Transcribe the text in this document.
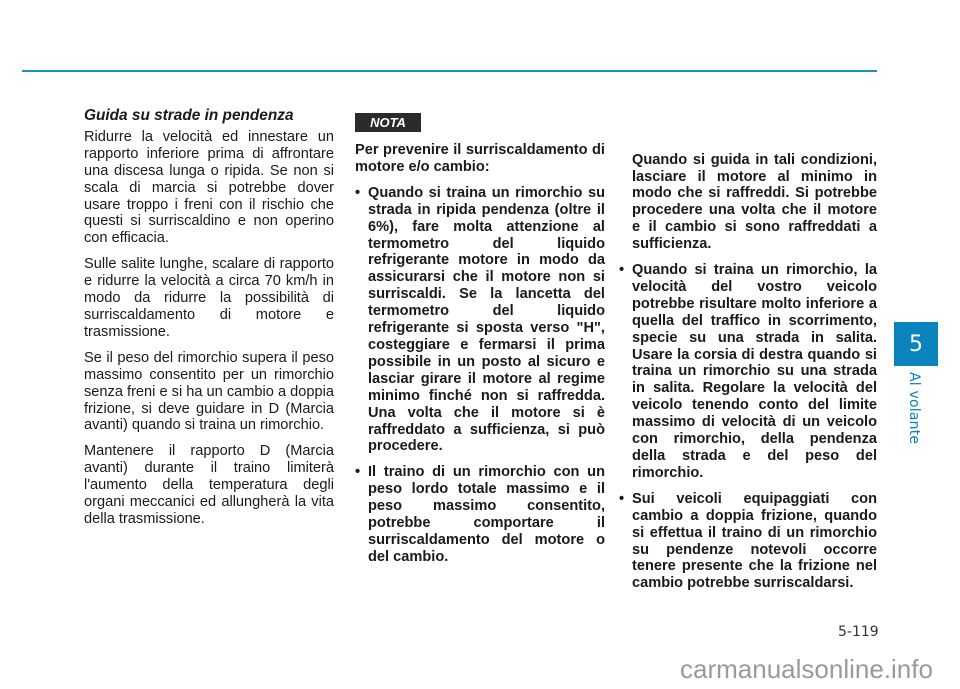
Guida su strade in pendenza

Ridurre la velocità ed innestare un rapporto inferiore prima di affrontare una discesa lunga o ripida. Se non si scala di marcia si potrebbe dover usare troppo i freni con il rischio che questi si surriscaldino e non operino con efficacia.

Sulle salite lunghe, scalare di rapporto e ridurre la velocità a circa 70 km/h in modo da ridurre la possibilità di surriscaldamento di motore e trasmissione.

Se il peso del rimorchio supera il peso massimo consentito per un rimorchio senza freni e si ha un cambio a doppia frizione, si deve guidare in D (Marcia avanti) quando si traina un rimorchio.

Mantenere il rapporto D (Marcia avanti) durante il traino limiterà l'aumento della temperatura degli organi meccanici ed allungherà la vita della trasmissione.

NOTA

Per prevenire il surriscaldamento di motore e/o cambio:

• Quando si traina un rimorchio su strada in ripida pendenza (oltre il 6%), fare molta attenzione al termometro del liquido refrigerante motore in modo da assicurarsi che il motore non si surriscaldi. Se la lancetta del termometro del liquido refrigerante si sposta verso "H", costeggiare e fermarsi il prima possibile in un posto al sicuro e lasciar girare il motore al regime minimo finché non si raffredda. Una volta che il motore si è raffreddato a sufficienza, si può procedere.
• Il traino di un rimorchio con un peso lordo totale massimo e il peso massimo consentito, potrebbe comportare il surriscaldamento del motore o del cambio.

Quando si guida in tali condizioni, lasciare il motore al minimo in modo che si raffreddi. Si potrebbe procedere una volta che il motore e il cambio si sono raffreddati a sufficienza.

• Quando si traina un rimorchio, la velocità del vostro veicolo potrebbe risultare molto inferiore a quella del traffico in scorrimento, specie su una strada in salita. Usare la corsia di destra quando si traina un rimorchio su una strada in salita. Regolare la velocità del veicolo tenendo conto del limite massimo di velocità di un veicolo con rimorchio, della pendenza della strada e del peso del rimorchio.
• Sui veicoli equipaggiati con cambio a doppia frizione, quando si effettua il traino di un rimorchio su pendenze notevoli occorre tenere presente che la frizione nel cambio potrebbe surriscaldarsi.
5
Al volante
5-119
carmanualsonline.info
